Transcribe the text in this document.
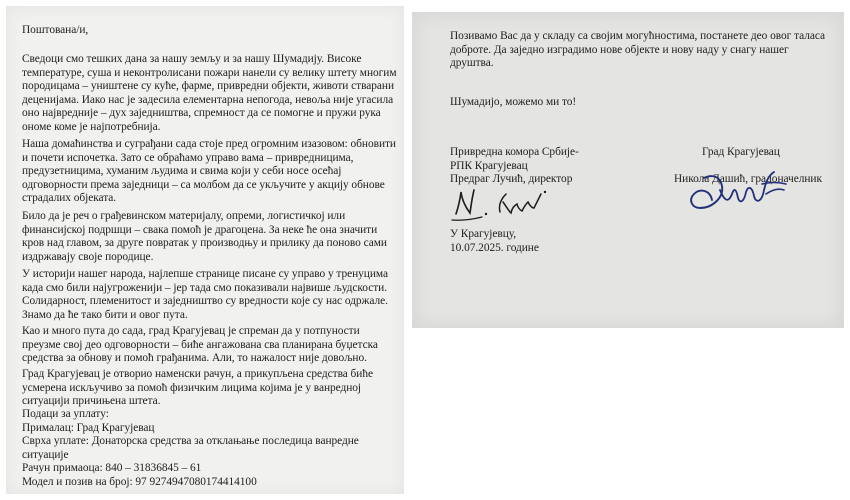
Поштована/и,
Сведоци смо тешких дана за нашу земљу и за нашу Шумадију. Високе
температуре, суша и неконтролисани пожари нанели су велику штету многим
породицама – уништене су куће, фарме, привредни објекти, животи стварани
деценијама. Иако нас је задесила елементарна непогода, невоља није угасила
оно највредније – дух заједништва, спремност да се помогне и пружи рука
ономе коме је најпотребнија.
Наша домаћинства и суграђани сада стоје пред огромним изазовом: обновити
и почети испочетка. Зато се обраћамо управо вама – привредницима,
предузетницима, хуманим људима и свима који у себи носе осећај
одговорности према заједници – са молбом да се укључите у акцију обнове
страдалих објеката.
Било да је реч о грађевинском материјалу, опреми, логистичкој или
финансијској подршци – свака помоћ је драгоцена. За неке ће она значити
кров над главом, за друге повратак у производњу и прилику да поново сами
издржавају своје породице.
У историји нашег народа, најлепше странице писане су управо у тренуцима
када смо били најугроженији – јер тада смо показивали највише људскости.
Солидарност, племенитост и заједништво су вредности које су нас одржале.
Знамо да ће тако бити и овог пута.
Као и много пута до сада, град Крагујевац је спреман да у потпуности
преузме свој део одговорности – биће ангажована сва планирана буџетска
средства за обнову и помоћ грађанима. Али, то нажалост није довољно.
Град Крагујевац је отворио наменски рачун, а прикупљена средства биће
усмерена искључиво за помоћ физичким лицима којима је у ванредној
ситуацији причињена штета.
Подаци за уплату:
Прималац: Град Крагујевац
Сврха уплате: Донаторска средства за отклањање последица ванредне
ситуације
Рачун примаоца: 840 – 31836845 – 61
Модел и позив на број: 97 9274947080174414100
Позивамо Вас да у складу са својим могућностима, постанете део овог таласа
доброте. Да заједно изградимо нове објекте и нову наду у снагу нашег
друштва.
Шумадијо, можемо ми то!
Привредна комора Србије-
РПК Крагујевац
Предраг Лучић, директор
Град Крагујевац
Никола Дашић, градоначелник
У Крагујевцу,
10.07.2025. године
